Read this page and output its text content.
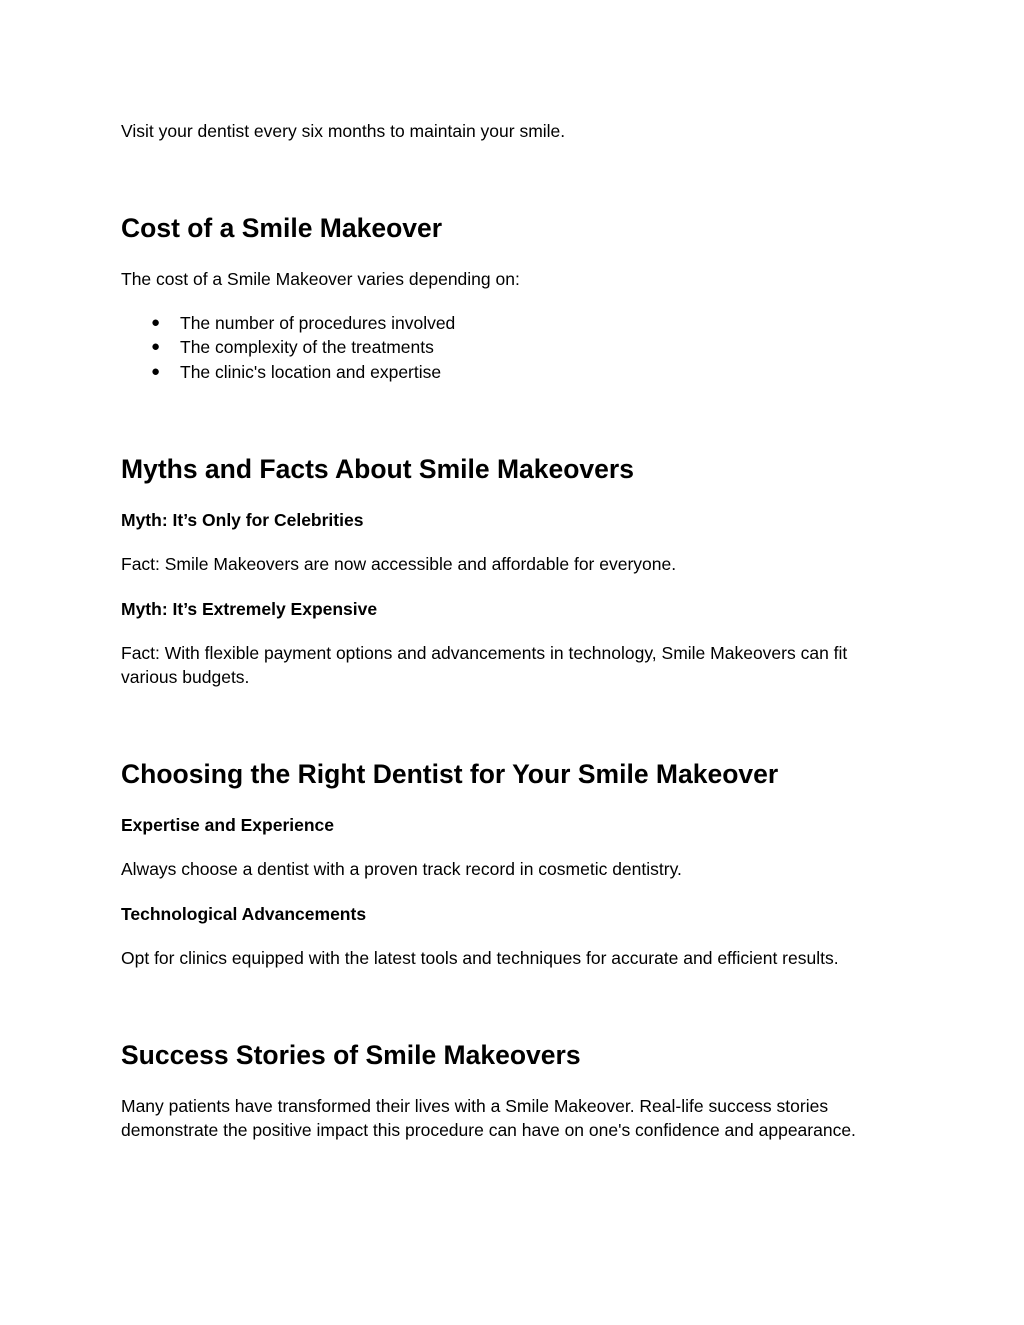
Visit your dentist every six months to maintain your smile.

Cost of a Smile Makeover

The cost of a Smile Makeover varies depending on:

● The number of procedures involved
● The complexity of the treatments
● The clinic's location and expertise
Myths and Facts About Smile Makeovers
Myth: It’s Only for Celebrities

Fact: Smile Makeovers are now accessible and affordable for everyone.

Myth: It’s Extremely Expensive

Fact: With flexible payment options and advancements in technology, Smile Makeovers can fit various budgets.

Choosing the Right Dentist for Your Smile Makeover
Expertise and Experience

Always choose a dentist with a proven track record in cosmetic dentistry.

Technological Advancements

Opt for clinics equipped with the latest tools and techniques for accurate and efficient results.

Success Stories of Smile Makeovers

Many patients have transformed their lives with a Smile Makeover. Real-life success stories demonstrate the positive impact this procedure can have on one's confidence and appearance.
